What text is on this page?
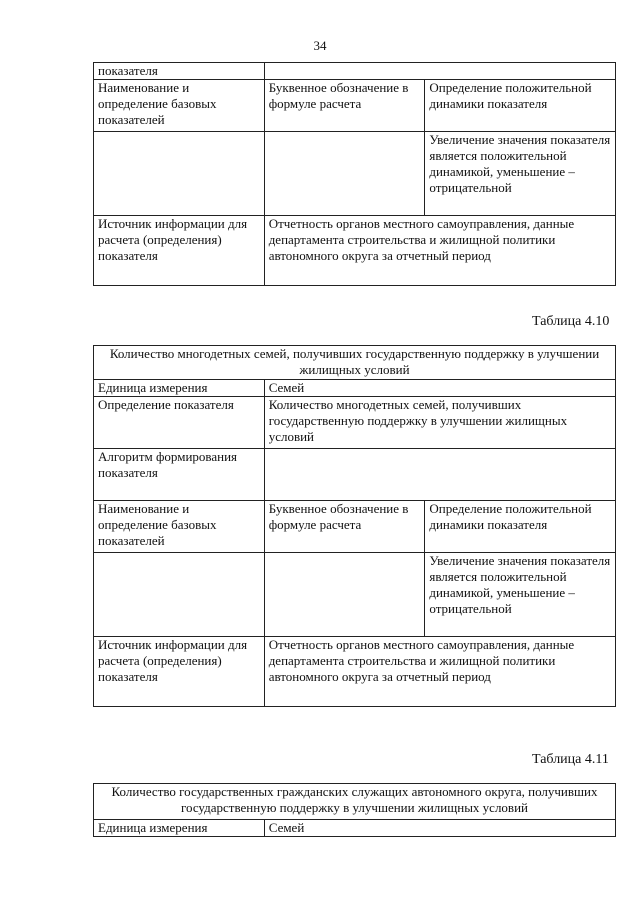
34
показателя		
Наименование и определение базовых показателей	Буквенное обозначение в формуле расчета	Определение положительной динамики показателя
		Увеличение значения показателя является положительной динамикой, уменьшение – отрицательной
Источник информации для расчета (определения) показателя	Отчетность органов местного самоуправления, данные департамента строительства и жилищной политики автономного округа за отчетный период	
Таблица 4.10
Количество многодетных семей, получивших государственную поддержку в улучшении жилищных условий		
Единица измерения	Семей	
Определение показателя	Количество многодетных семей, получивших государственную поддержку в улучшении жилищных условий	
Алгоритм формирования показателя		
Наименование и определение базовых показателей	Буквенное обозначение в формуле расчета	Определение положительной динамики показателя
		Увеличение значения показателя является положительной динамикой, уменьшение – отрицательной
Источник информации для расчета (определения) показателя	Отчетность органов местного самоуправления, данные департамента строительства и жилищной политики автономного округа за отчетный период	
Таблица 4.11
Количество государственных гражданских служащих автономного округа, получивших государственную поддержку в улучшении жилищных условий
Единица измерения	Семей
